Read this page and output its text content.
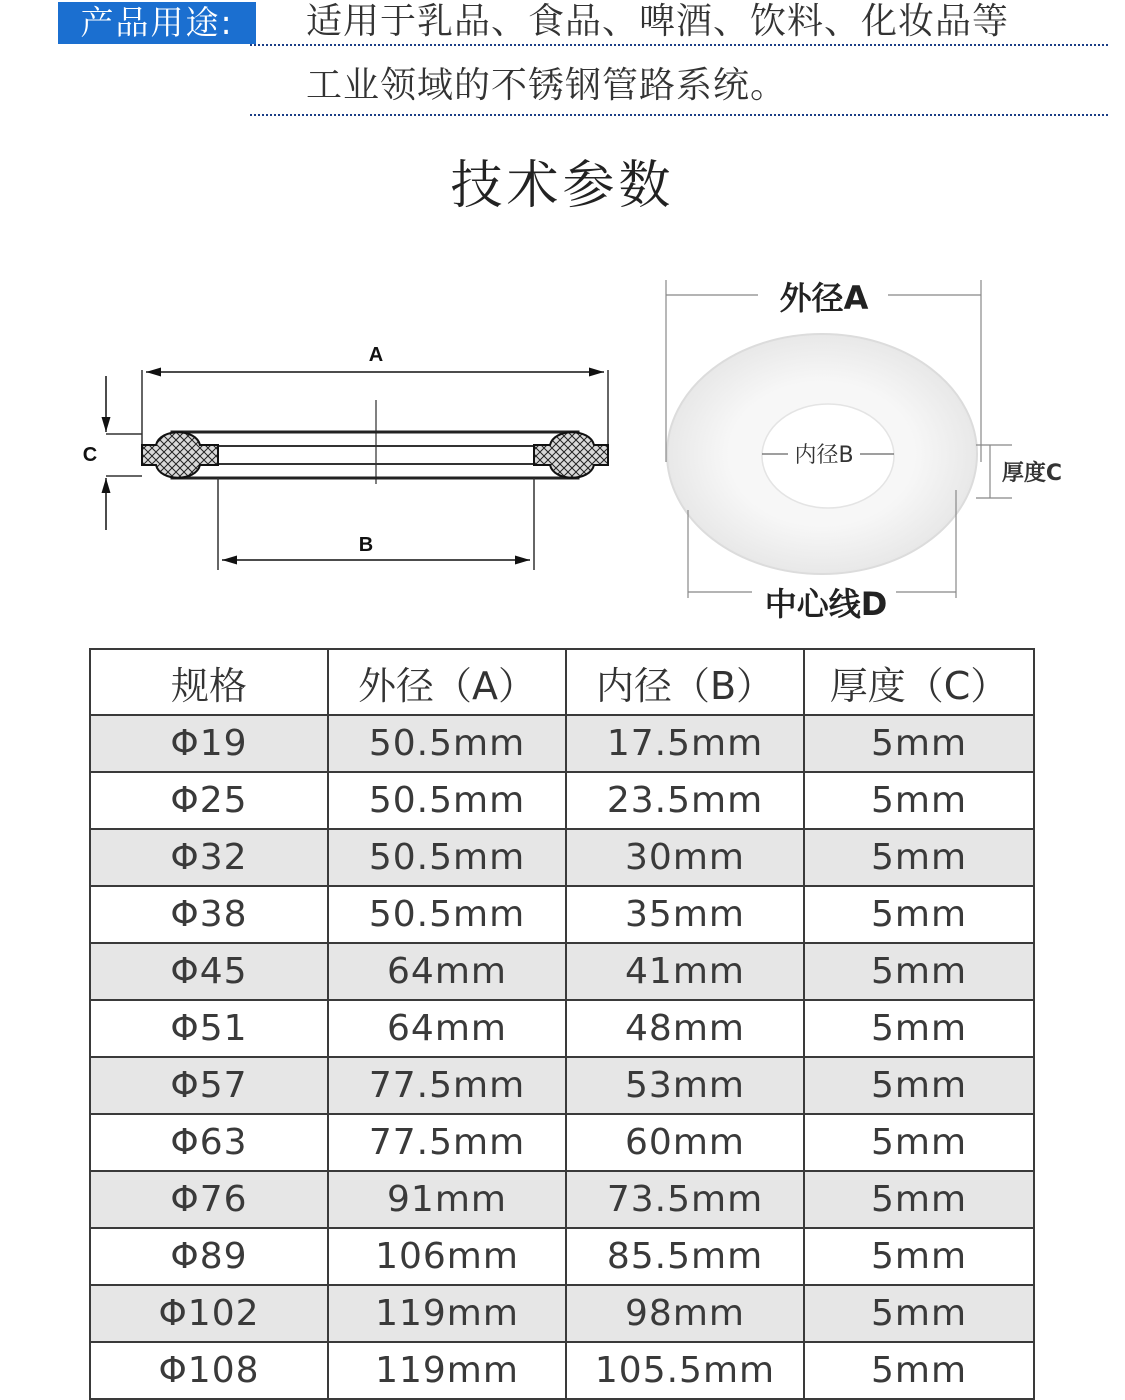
产品用途:	适用于乳品、食品、啤酒、饮料、化妆品等
工业领域的不锈钢管路系统。
技术参数
A
C
B
外径A
内径B
厚度C
中心线D
规格	外径（A）	内径（B）	厚度（C）
Φ19	50.5mm	17.5mm	5mm
Φ25	50.5mm	23.5mm	5mm
Φ32	50.5mm	30mm	5mm
Φ38	50.5mm	35mm	5mm
Φ45	64mm	41mm	5mm
Φ51	64mm	48mm	5mm
Φ57	77.5mm	53mm	5mm
Φ63	77.5mm	60mm	5mm
Φ76	91mm	73.5mm	5mm
Φ89	106mm	85.5mm	5mm
Φ102	119mm	98mm	5mm
Φ108	119mm	105.5mm	5mm
